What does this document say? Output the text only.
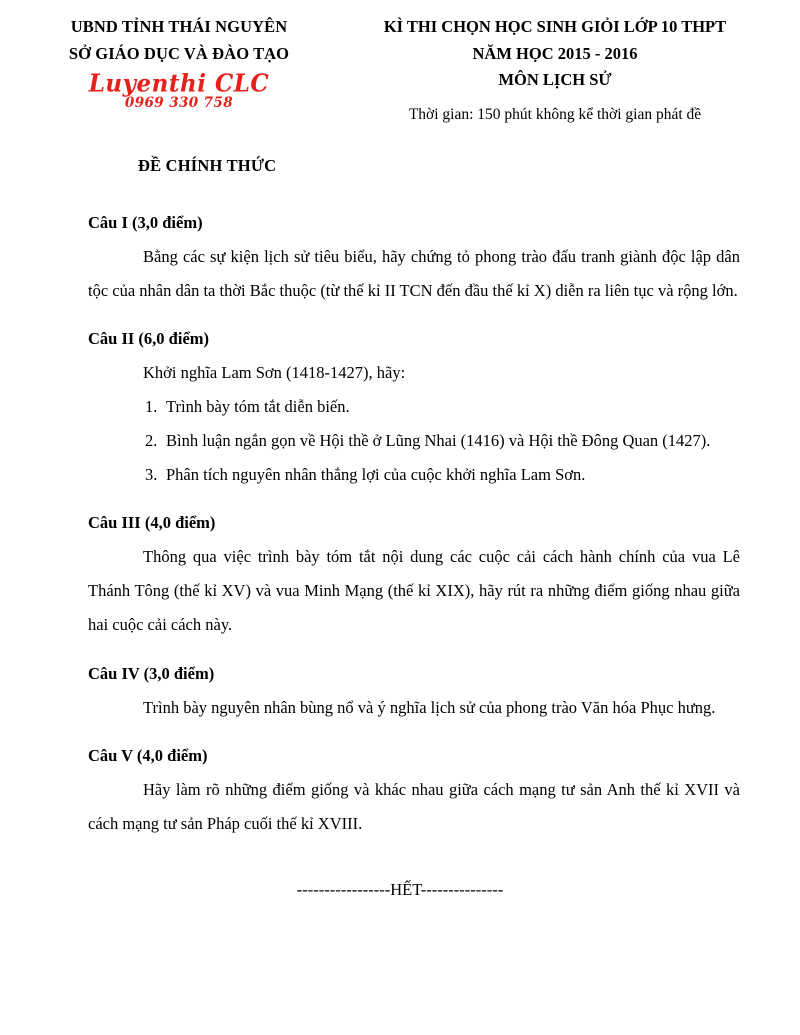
UBND TỈNH THÁI NGUYÊN
SỞ GIÁO DỤC VÀ ĐÀO TẠO
Luyenthi CLC
0969 330 758
KÌ THI CHỌN HỌC SINH GIỎI LỚP 10 THPT
NĂM HỌC 2015 - 2016
MÔN LỊCH SỬ
Thời gian: 150 phút không kể thời gian phát đề
ĐỀ CHÍNH THỨC
Câu I (3,0 điểm)

Bằng các sự kiện lịch sử tiêu biểu, hãy chứng tỏ phong trào đấu tranh giành độc lập dân tộc của nhân dân ta thời Bắc thuộc (từ thế kỉ II TCN đến đầu thế kỉ X) diễn ra liên tục và rộng lớn.

Câu II (6,0 điểm)
Khởi nghĩa Lam Sơn (1418-1427), hãy:
1. Trình bày tóm tắt diễn biến.
2. Bình luận ngắn gọn về Hội thề ở Lũng Nhai (1416) và Hội thề Đông Quan (1427).
3. Phân tích nguyên nhân thắng lợi của cuộc khởi nghĩa Lam Sơn.
Câu III (4,0 điểm)

Thông qua việc trình bày tóm tắt nội dung các cuộc cải cách hành chính của vua Lê Thánh Tông (thế kỉ XV) và vua Minh Mạng (thế kỉ XIX), hãy rút ra những điểm giống nhau giữa hai cuộc cải cách này.

Câu IV (3,0 điểm)

Trình bày nguyên nhân bùng nổ và ý nghĩa lịch sử của phong trào Văn hóa Phục hưng.

Câu V (4,0 điểm)

Hãy làm rõ những điểm giống và khác nhau giữa cách mạng tư sản Anh thế kỉ XVII và cách mạng tư sản Pháp cuối thế kỉ XVIII.

-----------------HẾT---------------
